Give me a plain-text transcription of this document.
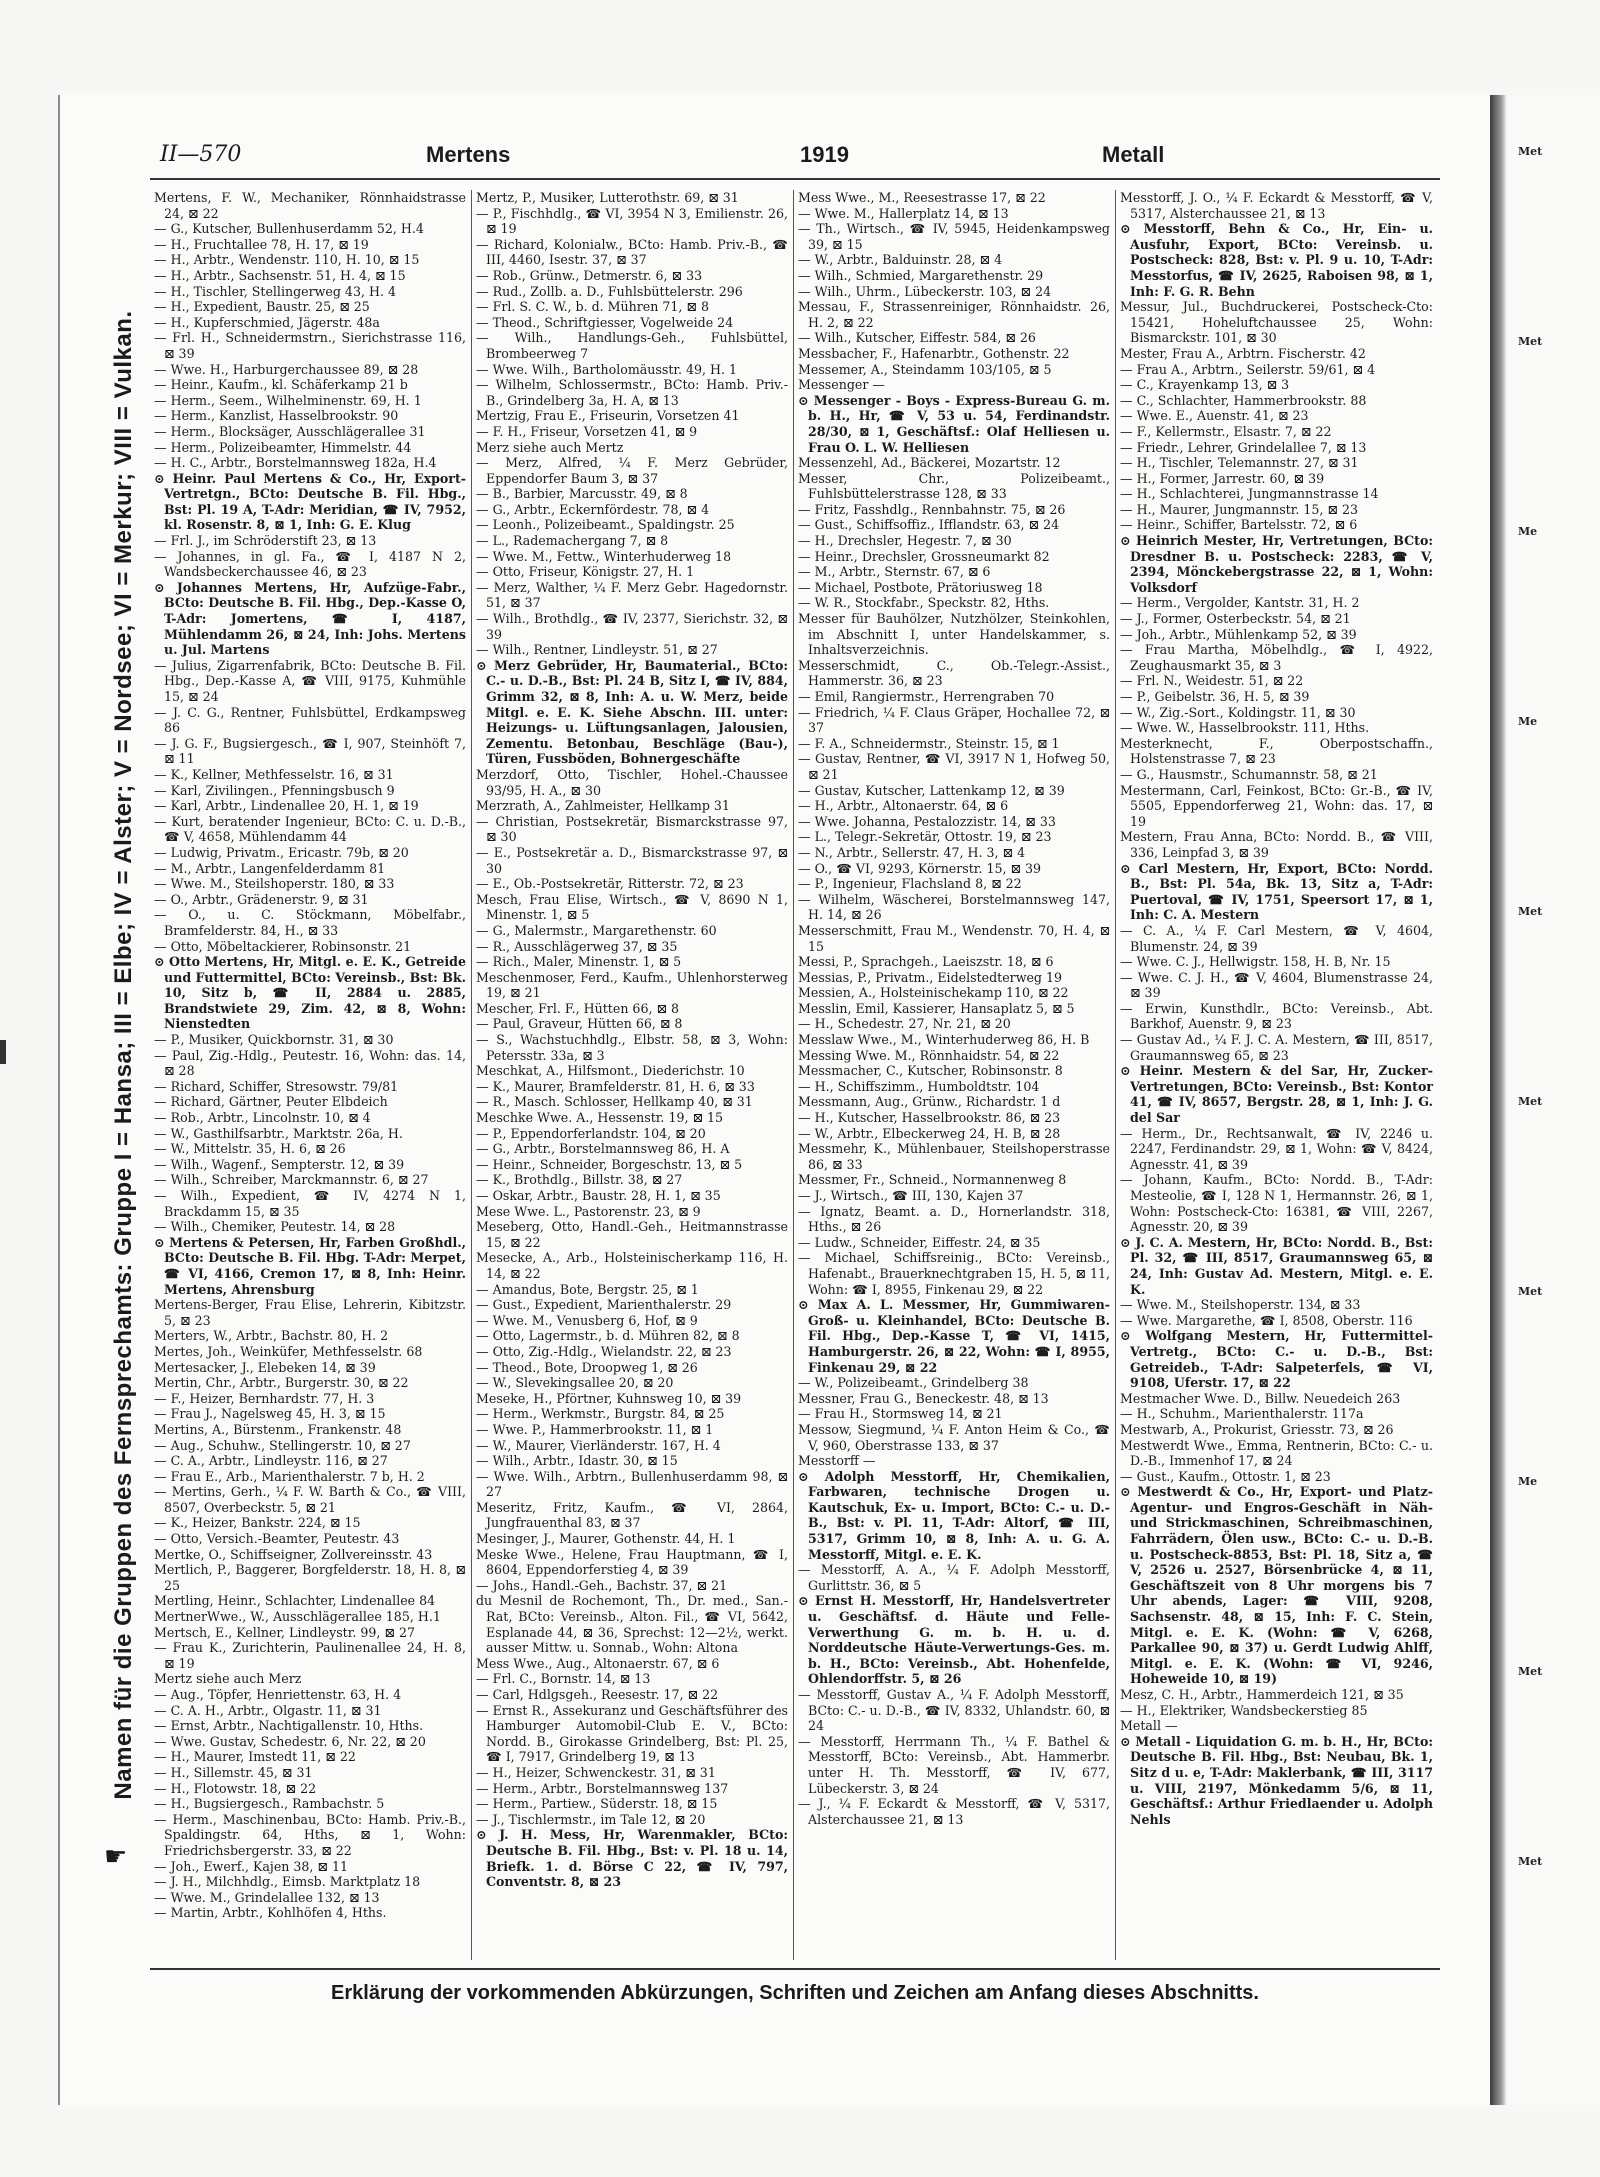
Met
Met
Me
Me
Met
Met
Met
Me
Met
Met
II—570	Mertens	1919	Metall
Namen für die Gruppen des Fernsprechamts: Gruppe I = Hansa; III = Elbe; IV = Alster; V = Nordsee; VI = Merkur; VIII = Vulkan.
☛

Mertens, F. W., Mechaniker, Rönnhaidstrasse 24, ⊠ 22

— G., Kutscher, Bullenhuserdamm 52, H.4

— H., Fruchtallee 78, H. 17, ⊠ 19

— H., Arbtr., Wendenstr. 110, H. 10, ⊠ 15

— H., Arbtr., Sachsenstr. 51, H. 4, ⊠ 15

— H., Tischler, Stellingerweg 43, H. 4

— H., Expedient, Baustr. 25, ⊠ 25

— H., Kupferschmied, Jägerstr. 48a

— Frl. H., Schneidermstrn., Sierichstrasse 116, ⊠ 39

— Wwe. H., Harburgerchaussee 89, ⊠ 28

— Heinr., Kaufm., kl. Schäferkamp 21 b

— Herm., Seem., Wilhelminenstr. 69, H. 1

— Herm., Kanzlist, Hasselbrookstr. 90

— Herm., Blocksäger, Ausschlägerallee 31

— Herm., Polizeibeamter, Himmelstr. 44

— H. C., Arbtr., Borstelmannsweg 182a, H.4

⊙ Heinr. Paul Mertens & Co., Hr, Export-Vertretgn., BCto: Deutsche B. Fil. Hbg., Bst: Pl. 19 A, T-Adr: Meridian, ☎ IV, 7952, kl. Rosenstr. 8, ⊠ 1, Inh: G. E. Klug

— Frl. J., im Schröderstift 23, ⊠ 13

— Johannes, in gl. Fa., ☎ I, 4187 N 2, Wandsbeckerchaussee 46, ⊠ 23

⊙ Johannes Mertens, Hr, Aufzüge-Fabr., BCto: Deutsche B. Fil. Hbg., Dep.-Kasse O, T-Adr: Jomertens, ☎ I, 4187, Mühlendamm 26, ⊠ 24, Inh: Johs. Mertens u. Jul. Martens

— Julius, Zigarrenfabrik, BCto: Deutsche B. Fil. Hbg., Dep.-Kasse A, ☎ VIII, 9175, Kuhmühle 15, ⊠ 24

— J. C. G., Rentner, Fuhlsbüttel, Erdkampsweg 86

— J. G. F., Bugsiergesch., ☎ I, 907, Steinhöft 7, ⊠ 11

— K., Kellner, Methfesselstr. 16, ⊠ 31

— Karl, Zivilingen., Pfenningsbusch 9

— Karl, Arbtr., Lindenallee 20, H. 1, ⊠ 19

— Kurt, beratender Ingenieur, BCto: C. u. D.-B., ☎ V, 4658, Mühlendamm 44

— Ludwig, Privatm., Ericastr. 79b, ⊠ 20

— M., Arbtr., Langenfelderdamm 81

— Wwe. M., Steilshoperstr. 180, ⊠ 33

— O., Arbtr., Grädenerstr. 9, ⊠ 31

— O., u. C. Stöckmann, Möbelfabr., Bramfelderstr. 84, H., ⊠ 33

— Otto, Möbeltackierer, Robinsonstr. 21

⊙ Otto Mertens, Hr, Mitgl. e. E. K., Getreide und Futtermittel, BCto: Vereinsb., Bst: Bk. 10, Sitz b, ☎ II, 2884 u. 2885, Brandstwiete 29, Zim. 42, ⊠ 8, Wohn: Nienstedten

— P., Musiker, Quickbornstr. 31, ⊠ 30

— Paul, Zig.-Hdlg., Peutestr. 16, Wohn: das. 14, ⊠ 28

— Richard, Schiffer, Stresowstr. 79/81

— Richard, Gärtner, Peuter Elbdeich

— Rob., Arbtr., Lincolnstr. 10, ⊠ 4

— W., Gasthilfsarbtr., Marktstr. 26a, H.

— W., Mittelstr. 35, H. 6, ⊠ 26

— Wilh., Wagenf., Sempterstr. 12, ⊠ 39

— Wilh., Schreiber, Marckmannstr. 6, ⊠ 27

— Wilh., Expedient, ☎ IV, 4274 N 1, Brackdamm 15, ⊠ 35

— Wilh., Chemiker, Peutestr. 14, ⊠ 28

⊙ Mertens & Petersen, Hr, Farben Großhdl., BCto: Deutsche B. Fil. Hbg. T-Adr: Merpet, ☎ VI, 4166, Cremon 17, ⊠ 8, Inh: Heinr. Mertens, Ahrensburg

Mertens-Berger, Frau Elise, Lehrerin, Kibitzstr. 5, ⊠ 23

Merters, W., Arbtr., Bachstr. 80, H. 2

Mertes, Joh., Weinküfer, Methfesselstr. 68

Mertesacker, J., Elebeken 14, ⊠ 39

Mertin, Chr., Arbtr., Burgerstr. 30, ⊠ 22

— F., Heizer, Bernhardstr. 77, H. 3

— Frau J., Nagelsweg 45, H. 3, ⊠ 15

Mertins, A., Bürstenm., Frankenstr. 48

— Aug., Schuhw., Stellingerstr. 10, ⊠ 27

— C. A., Arbtr., Lindleystr. 116, ⊠ 27

— Frau E., Arb., Marienthalerstr. 7 b, H. 2

— Mertins, Gerh., ¼ F. W. Barth & Co., ☎ VIII, 8507, Overbeckstr. 5, ⊠ 21

— K., Heizer, Bankstr. 224, ⊠ 15

— Otto, Versich.-Beamter, Peutestr. 43

Mertke, O., Schiffseigner, Zollvereinsstr. 43

Mertlich, P., Baggerer, Borgfelderstr. 18, H. 8, ⊠ 25

Mertling, Heinr., Schlachter, Lindenallee 84

MertnerWwe., W., Ausschlägerallee 185, H.1

Mertsch, E., Kellner, Lindleystr. 99, ⊠ 27

— Frau K., Zurichterin, Paulinenallee 24, H. 8, ⊠ 19

Mertz siehe auch Merz

— Aug., Töpfer, Henriettenstr. 63, H. 4

— C. A. H., Arbtr., Olgastr. 11, ⊠ 31

— Ernst, Arbtr., Nachtigallenstr. 10, Hths.

— Wwe. Gustav, Schedestr. 6, Nr. 22, ⊠ 20

— H., Maurer, Imstedt 11, ⊠ 22

— H., Sillemstr. 45, ⊠ 31

— H., Flotowstr. 18, ⊠ 22

— H., Bugsiergesch., Rambachstr. 5

— Herm., Maschinenbau, BCto: Hamb. Priv.-B., Spaldingstr. 64, Hths, ⊠ 1, Wohn: Friedrichsbergerstr. 33, ⊠ 22

— Joh., Ewerf., Kajen 38, ⊠ 11

— J. H., Milchhdlg., Eimsb. Marktplatz 18

— Wwe. M., Grindelallee 132, ⊠ 13

— Martin, Arbtr., Kohlhöfen 4, Hths.

Mertz, P., Musiker, Lutterothstr. 69, ⊠ 31

— P., Fischhdlg., ☎ VI, 3954 N 3, Emilienstr. 26, ⊠ 19

— Richard, Kolonialw., BCto: Hamb. Priv.-B., ☎ III, 4460, Isestr. 37, ⊠ 37

— Rob., Grünw., Detmerstr. 6, ⊠ 33

— Rud., Zollb. a. D., Fuhlsbüttelerstr. 296

— Frl. S. C. W., b. d. Mühren 71, ⊠ 8

— Theod., Schriftgiesser, Vogelweide 24

— Wilh., Handlungs-Geh., Fuhlsbüttel, Brombeerweg 7

— Wwe. Wilh., Bartholomäusstr. 49, H. 1

— Wilhelm, Schlossermstr., BCto: Hamb. Priv.-B., Grindelberg 3a, H. A, ⊠ 13

Mertzig, Frau E., Friseurin, Vorsetzen 41

— F. H., Friseur, Vorsetzen 41, ⊠ 9

Merz siehe auch Mertz

— Merz, Alfred, ¼ F. Merz Gebrüder, Eppendorfer Baum 3, ⊠ 37

— B., Barbier, Marcusstr. 49, ⊠ 8

— G., Arbtr., Eckernfördestr. 78, ⊠ 4

— Leonh., Polizeibeamt., Spaldingstr. 25

— L., Rademachergang 7, ⊠ 8

— Wwe. M., Fettw., Winterhuderweg 18

— Otto, Friseur, Königstr. 27, H. 1

— Merz, Walther, ¼ F. Merz Gebr. Hagedornstr. 51, ⊠ 37

— Wilh., Brothdlg., ☎ IV, 2377, Sierichstr. 32, ⊠ 39

— Wilh., Rentner, Lindleystr. 51, ⊠ 27

⊙ Merz Gebrüder, Hr, Baumaterial., BCto: C.- u. D.-B., Bst: Pl. 24 B, Sitz I, ☎ IV, 884, Grimm 32, ⊠ 8, Inh: A. u. W. Merz, beide Mitgl. e. E. K. Siehe Abschn. III. unter: Heizungs- u. Lüftungsanlagen, Jalousien, Zementu. Betonbau, Beschläge (Bau-), Türen, Fussböden, Bohnergeschäfte

Merzdorf, Otto, Tischler, Hohel.-Chaussee 93/95, H. A., ⊠ 30

Merzrath, A., Zahlmeister, Hellkamp 31

— Christian, Postsekretär, Bismarckstrasse 97, ⊠ 30

— E., Postsekretär a. D., Bismarckstrasse 97, ⊠ 30

— E., Ob.-Postsekretär, Ritterstr. 72, ⊠ 23

Mesch, Frau Elise, Wirtsch., ☎ V, 8690 N 1, Minenstr. 1, ⊠ 5

— G., Malermstr., Margarethenstr. 60

— R., Ausschlägerweg 37, ⊠ 35

— Rich., Maler, Minenstr. 1, ⊠ 5

Meschenmoser, Ferd., Kaufm., Uhlenhorsterweg 19, ⊠ 21

Mescher, Frl. F., Hütten 66, ⊠ 8

— Paul, Graveur, Hütten 66, ⊠ 8

— S., Wachstuchhdlg., Elbstr. 58, ⊠ 3, Wohn: Petersstr. 33a, ⊠ 3

Meschkat, A., Hilfsmont., Diederichstr. 10

— K., Maurer, Bramfelderstr. 81, H. 6, ⊠ 33

— R., Masch. Schlosser, Hellkamp 40, ⊠ 31

Meschke Wwe. A., Hessenstr. 19, ⊠ 15

— P., Eppendorferlandstr. 104, ⊠ 20

— G., Arbtr., Borstelmannsweg 86, H. A

— Heinr., Schneider, Borgeschstr. 13, ⊠ 5

— K., Brothdlg., Billstr. 38, ⊠ 27

— Oskar, Arbtr., Baustr. 28, H. 1, ⊠ 35

Mese Wwe. L., Pastorenstr. 23, ⊠ 9

Meseberg, Otto, Handl.-Geh., Heitmannstrasse 15, ⊠ 22

Mesecke, A., Arb., Holsteinischerkamp 116, H. 14, ⊠ 22

— Amandus, Bote, Bergstr. 25, ⊠ 1

— Gust., Expedient, Marienthalerstr. 29

— Wwe. M., Venusberg 6, Hof, ⊠ 9

— Otto, Lagermstr., b. d. Mühren 82, ⊠ 8

— Otto, Zig.-Hdlg., Wielandstr. 22, ⊠ 23

— Theod., Bote, Droopweg 1, ⊠ 26

— W., Slevekingsallee 20, ⊠ 20

Meseke, H., Pförtner, Kuhnsweg 10, ⊠ 39

— Herm., Werkmstr., Burgstr. 84, ⊠ 25

— Wwe. P., Hammerbrookstr. 11, ⊠ 1

— W., Maurer, Vierländerstr. 167, H. 4

— Wilh., Arbtr., Idastr. 30, ⊠ 15

— Wwe. Wilh., Arbtrn., Bullenhuserdamm 98, ⊠ 27

Meseritz, Fritz, Kaufm., ☎ VI, 2864, Jungfrauenthal 83, ⊠ 37

Mesinger, J., Maurer, Gothenstr. 44, H. 1

Meske Wwe., Helene, Frau Hauptmann, ☎ I, 8604, Eppendorferstieg 4, ⊠ 39

— Johs., Handl.-Geh., Bachstr. 37, ⊠ 21

du Mesnil de Rochemont, Th., Dr. med., San.-Rat, BCto: Vereinsb., Alton. Fil., ☎ VI, 5642, Esplanade 44, ⊠ 36, Sprechst: 12—2½, werkt. ausser Mittw. u. Sonnab., Wohn: Altona

Mess Wwe., Aug., Altonaerstr. 67, ⊠ 6

— Frl. C., Bornstr. 14, ⊠ 13

— Carl, Hdlgsgeh., Reesestr. 17, ⊠ 22

— Ernst R., Assekuranz und Geschäftsführer des Hamburger Automobil-Club E. V., BCto: Nordd. B., Girokasse Grindelberg, Bst: Pl. 25, ☎ I, 7917, Grindelberg 19, ⊠ 13

— H., Heizer, Schwenckestr. 31, ⊠ 31

— Herm., Arbtr., Borstelmannsweg 137

— Herm., Partiew., Süderstr. 18, ⊠ 15

— J., Tischlermstr., im Tale 12, ⊠ 20

⊙ J. H. Mess, Hr, Warenmakler, BCto: Deutsche B. Fil. Hbg., Bst: v. Pl. 18 u. 14, Briefk. 1. d. Börse C 22, ☎ IV, 797, Conventstr. 8, ⊠ 23

Mess Wwe., M., Reesestrasse 17, ⊠ 22

— Wwe. M., Hallerplatz 14, ⊠ 13

— Th., Wirtsch., ☎ IV, 5945, Heidenkampsweg 39, ⊠ 15

— W., Arbtr., Balduinstr. 28, ⊠ 4

— Wilh., Schmied, Margarethenstr. 29

— Wilh., Uhrm., Lübeckerstr. 103, ⊠ 24

Messau, F., Strassenreiniger, Rönnhaidstr. 26, H. 2, ⊠ 22

— Wilh., Kutscher, Eiffestr. 584, ⊠ 26

Messbacher, F., Hafenarbtr., Gothenstr. 22

Messemer, A., Steindamm 103/105, ⊠ 5

Messenger —

⊙ Messenger - Boys - Express-Bureau G. m. b. H., Hr, ☎ V, 53 u. 54, Ferdinandstr. 28/30, ⊠ 1, Geschäftsf.: Olaf Helliesen u. Frau O. L. W. Helliesen

Messenzehl, Ad., Bäckerei, Mozartstr. 12

Messer, Chr., Polizeibeamt., Fuhlsbüttelerstrasse 128, ⊠ 33

— Fritz, Fasshdlg., Rennbahnstr. 75, ⊠ 26

— Gust., Schiffsoffiz., Ifflandstr. 63, ⊠ 24

— H., Drechsler, Hegestr. 7, ⊠ 30

— Heinr., Drechsler, Grossneumarkt 82

— M., Arbtr., Sternstr. 67, ⊠ 6

— Michael, Postbote, Prätoriusweg 18

— W. R., Stockfabr., Speckstr. 82, Hths.

Messer für Bauhölzer, Nutzhölzer, Steinkohlen, im Abschnitt I, unter Handelskammer, s. Inhaltsverzeichnis.

Messerschmidt, C., Ob.-Telegr.-Assist., Hammerstr. 36, ⊠ 23

— Emil, Rangiermstr., Herrengraben 70

— Friedrich, ¼ F. Claus Gräper, Hochallee 72, ⊠ 37

— F. A., Schneidermstr., Steinstr. 15, ⊠ 1

— Gustav, Rentner, ☎ VI, 3917 N 1, Hofweg 50, ⊠ 21

— Gustav, Kutscher, Lattenkamp 12, ⊠ 39

— H., Arbtr., Altonaerstr. 64, ⊠ 6

— Wwe. Johanna, Pestalozzistr. 14, ⊠ 33

— L., Telegr.-Sekretär, Ottostr. 19, ⊠ 23

— N., Arbtr., Sellerstr. 47, H. 3, ⊠ 4

— O., ☎ VI, 9293, Körnerstr. 15, ⊠ 39

— P., Ingenieur, Flachsland 8, ⊠ 22

— Wilhelm, Wäscherei, Borstelmannsweg 147, H. 14, ⊠ 26

Messerschmitt, Frau M., Wendenstr. 70, H. 4, ⊠ 15

Messi, P., Sprachgeh., Laeiszstr. 18, ⊠ 6

Messias, P., Privatm., Eidelstedterweg 19

Messien, A., Holsteinischekamp 110, ⊠ 22

Messlin, Emil, Kassierer, Hansaplatz 5, ⊠ 5

— H., Schedestr. 27, Nr. 21, ⊠ 20

Messlaw Wwe., M., Winterhuderweg 86, H. B

Messing Wwe. M., Rönnhaidstr. 54, ⊠ 22

Messmacher, C., Kutscher, Robinsonstr. 8

— H., Schiffszimm., Humboldtstr. 104

Messmann, Aug., Grünw., Richardstr. 1 d

— H., Kutscher, Hasselbrookstr. 86, ⊠ 23

— W., Arbtr., Elbeckerweg 24, H. B, ⊠ 28

Messmehr, K., Mühlenbauer, Steilshoperstrasse 86, ⊠ 33

Messmer, Fr., Schneid., Normannenweg 8

— J., Wirtsch., ☎ III, 130, Kajen 37

— Ignatz, Beamt. a. D., Hornerlandstr. 318, Hths., ⊠ 26

— Ludw., Schneider, Eiffestr. 24, ⊠ 35

— Michael, Schiffsreinig., BCto: Vereinsb., Hafenabt., Brauerknechtgraben 15, H. 5, ⊠ 11, Wohn: ☎ I, 8955, Finkenau 29, ⊠ 22

⊙ Max A. L. Messmer, Hr, Gummiwaren-Groß- u. Kleinhandel, BCto: Deutsche B. Fil. Hbg., Dep.-Kasse T, ☎ VI, 1415, Hamburgerstr. 26, ⊠ 22, Wohn: ☎ I, 8955, Finkenau 29, ⊠ 22

— W., Polizeibeamt., Grindelberg 38

Messner, Frau G., Beneckestr. 48, ⊠ 13

— Frau H., Stormsweg 14, ⊠ 21

Messow, Siegmund, ¼ F. Anton Heim & Co., ☎ V, 960, Oberstrasse 133, ⊠ 37

Messtorff —

⊙ Adolph Messtorff, Hr, Chemikalien, Farbwaren, technische Drogen u. Kautschuk, Ex- u. Import, BCto: C.- u. D.-B., Bst: v. Pl. 11, T-Adr: Altorf, ☎ III, 5317, Grimm 10, ⊠ 8, Inh: A. u. G. A. Messtorff, Mitgl. e. E. K.

— Messtorff, A. A., ¼ F. Adolph Messtorff, Gurlittstr. 36, ⊠ 5

⊙ Ernst H. Messtorff, Hr, Handelsvertreter u. Geschäftsf. d. Häute und Felle-Verwerthung G. m. b. H. u. d. Norddeutsche Häute-Verwertungs-Ges. m. b. H., BCto: Vereinsb., Abt. Hohenfelde, Ohlendorffstr. 5, ⊠ 26

— Messtorff, Gustav A., ¼ F. Adolph Messtorff, BCto: C.- u. D.-B., ☎ IV, 8332, Uhlandstr. 60, ⊠ 24

— Messtorff, Herrmann Th., ¼ F. Bathel & Messtorff, BCto: Vereinsb., Abt. Hammerbr. unter H. Th. Messtorff, ☎ IV, 677, Lübeckerstr. 3, ⊠ 24

— J., ¼ F. Eckardt & Messtorff, ☎ V, 5317, Alsterchaussee 21, ⊠ 13

Messtorff, J. O., ¼ F. Eckardt & Messtorff, ☎ V, 5317, Alsterchaussee 21, ⊠ 13

⊙ Messtorff, Behn & Co., Hr, Ein- u. Ausfuhr, Export, BCto: Vereinsb. u. Postscheck: 828, Bst: v. Pl. 9 u. 10, T-Adr: Messtorfus, ☎ IV, 2625, Raboisen 98, ⊠ 1, Inh: F. G. R. Behn

Messur, Jul., Buchdruckerei, Postscheck-Cto: 15421, Hoheluftchaussee 25, Wohn: Bismarckstr. 101, ⊠ 30

Mester, Frau A., Arbtrn. Fischerstr. 42

— Frau A., Arbtrn., Seilerstr. 59/61, ⊠ 4

— C., Krayenkamp 13, ⊠ 3

— C., Schlachter, Hammerbrookstr. 88

— Wwe. E., Auenstr. 41, ⊠ 23

— F., Kellermstr., Elsastr. 7, ⊠ 22

— Friedr., Lehrer, Grindelallee 7, ⊠ 13

— H., Tischler, Telemannstr. 27, ⊠ 31

— H., Former, Jarrestr. 60, ⊠ 39

— H., Schlachterei, Jungmannstrasse 14

— H., Maurer, Jungmannstr. 15, ⊠ 23

— Heinr., Schiffer, Bartelsstr. 72, ⊠ 6

⊙ Heinrich Mester, Hr, Vertretungen, BCto: Dresdner B. u. Postscheck: 2283, ☎ V, 2394, Mönckebergstrasse 22, ⊠ 1, Wohn: Volksdorf

— Herm., Vergolder, Kantstr. 31, H. 2

— J., Former, Osterbeckstr. 54, ⊠ 21

— Joh., Arbtr., Mühlenkamp 52, ⊠ 39

— Frau Martha, Möbelhdlg., ☎ I, 4922, Zeughausmarkt 35, ⊠ 3

— Frl. N., Weidestr. 51, ⊠ 22

— P., Geibelstr. 36, H. 5, ⊠ 39

— W., Zig.-Sort., Koldingstr. 11, ⊠ 30

— Wwe. W., Hasselbrookstr. 111, Hths.

Mesterknecht, F., Oberpostschaffn., Holstenstrasse 7, ⊠ 23

— G., Hausmstr., Schumannstr. 58, ⊠ 21

Mestermann, Carl, Feinkost, BCto: Gr.-B., ☎ IV, 5505, Eppendorferweg 21, Wohn: das. 17, ⊠ 19

Mestern, Frau Anna, BCto: Nordd. B., ☎ VIII, 336, Leinpfad 3, ⊠ 39

⊙ Carl Mestern, Hr, Export, BCto: Nordd. B., Bst: Pl. 54a, Bk. 13, Sitz a, T-Adr: Puertoval, ☎ IV, 1751, Speersort 17, ⊠ 1, Inh: C. A. Mestern

— C. A., ¼ F. Carl Mestern, ☎ V, 4604, Blumenstr. 24, ⊠ 39

— Wwe. C. J., Hellwigstr. 158, H. B, Nr. 15

— Wwe. C. J. H., ☎ V, 4604, Blumenstrasse 24, ⊠ 39

— Erwin, Kunsthdlr., BCto: Vereinsb., Abt. Barkhof, Auenstr. 9, ⊠ 23

— Gustav Ad., ¼ F. J. C. A. Mestern, ☎ III, 8517, Graumannsweg 65, ⊠ 23

⊙ Heinr. Mestern & del Sar, Hr, Zucker-Vertretungen, BCto: Vereinsb., Bst: Kontor 41, ☎ IV, 8657, Bergstr. 28, ⊠ 1, Inh: J. G. del Sar

— Herm., Dr., Rechtsanwalt, ☎ IV, 2246 u. 2247, Ferdinandstr. 29, ⊠ 1, Wohn: ☎ V, 8424, Agnesstr. 41, ⊠ 39

— Johann, Kaufm., BCto: Nordd. B., T-Adr: Mesteolie, ☎ I, 128 N 1, Hermannstr. 26, ⊠ 1, Wohn: Postscheck-Cto: 16381, ☎ VIII, 2267, Agnesstr. 20, ⊠ 39

⊙ J. C. A. Mestern, Hr, BCto: Nordd. B., Bst: Pl. 32, ☎ III, 8517, Graumannsweg 65, ⊠ 24, Inh: Gustav Ad. Mestern, Mitgl. e. E. K.

— Wwe. M., Steilshoperstr. 134, ⊠ 33

— Wwe. Margarethe, ☎ I, 8508, Oberstr. 116

⊙ Wolfgang Mestern, Hr, Futtermittel-Vertretg., BCto: C.- u. D.-B., Bst: Getreideb., T-Adr: Salpeterfels, ☎ VI, 9108, Uferstr. 17, ⊠ 22

Mestmacher Wwe. D., Billw. Neuedeich 263

— H., Schuhm., Marienthalerstr. 117a

Mestwarb, A., Prokurist, Griesstr. 73, ⊠ 26

Mestwerdt Wwe., Emma, Rentnerin, BCto: C.- u. D.-B., Immenhof 17, ⊠ 24

— Gust., Kaufm., Ottostr. 1, ⊠ 23

⊙ Mestwerdt & Co., Hr, Export- und Platz-Agentur- und Engros-Geschäft in Näh- und Strickmaschinen, Schreibmaschinen, Fahrrädern, Ölen usw., BCto: C.- u. D.-B. u. Postscheck-8853, Bst: Pl. 18, Sitz a, ☎ V, 2526 u. 2527, Börsenbrücke 4, ⊠ 11, Geschäftszeit von 8 Uhr morgens bis 7 Uhr abends, Lager: ☎ VIII, 9208, Sachsenstr. 48, ⊠ 15, Inh: F. C. Stein, Mitgl. e. E. K. (Wohn: ☎ V, 6268, Parkallee 90, ⊠ 37) u. Gerdt Ludwig Ahlff, Mitgl. e. E. K. (Wohn: ☎ VI, 9246, Hoheweide 10, ⊠ 19)

Mesz, C. H., Arbtr., Hammerdeich 121, ⊠ 35

— H., Elektriker, Wandsbeckerstieg 85

Metall —

⊙ Metall - Liquidation G. m. b. H., Hr, BCto: Deutsche B. Fil. Hbg., Bst: Neubau, Bk. 1, Sitz d u. e, T-Adr: Maklerbank, ☎ III, 3117 u. VIII, 2197, Mönkedamm 5/6, ⊠ 11, Geschäftsf.: Arthur Friedlaender u. Adolph Nehls

Erklärung der vorkommenden Abkürzungen, Schriften und Zeichen am Anfang dieses Abschnitts.
